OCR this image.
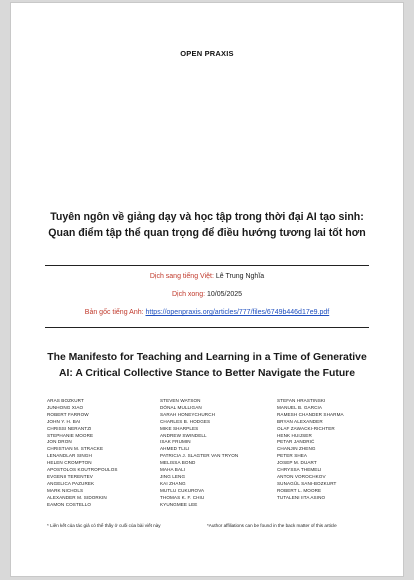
OPEN PRAXIS
Tuyên ngôn về giảng dạy và học tập trong thời đại AI tạo sinh:
Quan điểm tập thể quan trọng để điều hướng tương lai tốt hơn
Dịch sang tiếng Việt: Lê Trung Nghĩa
Dịch xong: 10/05/2025
Bản gốc tiếng Anh: https://openpraxis.org/articles/777/files/6749b446d17e9.pdf
The Manifesto for Teaching and Learning in a Time of Generative
AI: A Critical Collective Stance to Better Navigate the Future
ARAS BOZKURT
JUNHONG XIAO
ROBERT FARROW
JOHN Y. H. BAI
CHRISSI NERANTZI
STEPHANIE MOORE
JON DRON
CHRISTIAN M. STRACKE
LENANDLAR SINGH
HELEN CROMPTON
APOSTOLOS KOUTROPOULOS
EVGENII TERENTEV
ANGELICA PAZUREK
MARK NICHOLS
ALEXANDER M. SIDORKIN
EAMON COSTELLO
STEVEN WATSON
DÓNAL MULLIGAN
SARAH HONEYCHURCH
CHARLES B. HODGES
MIKE SHARPLES
ANDREW SWINDELL
ISAK FRUMIN
AHMED TLILI
PATRICIA J. SLAGTER VAN TRYON
MELISSA BOND
MAHA BALI
JING LENG
KAI ZHANG
MUTLU CUKUROVA
THOMAS K. F. CHIU
KYUNGMEE LEE
STEFAN HRASTINSKI
MANUEL B. GARCIA
RAMESH CHANDER SHARMA
BRYAN ALEXANDER
OLAF ZAWACKI-RICHTER
HENK HUIJSER
PETAR JANDRIĆ
CHANJIN ZHENG
PETER SHEA
JOSEP M. DUART
CHRYSSA THEMELI
ANTON VOROCHKOV
SUNAGÜL SANI-BOZKURT
ROBERT L. MOORE
TUTALENI IITA ASINO
* Liên kết của tác giả có thể thấy ở cuối của bài viết này	*Author affiliations can be found in the back matter of this article
